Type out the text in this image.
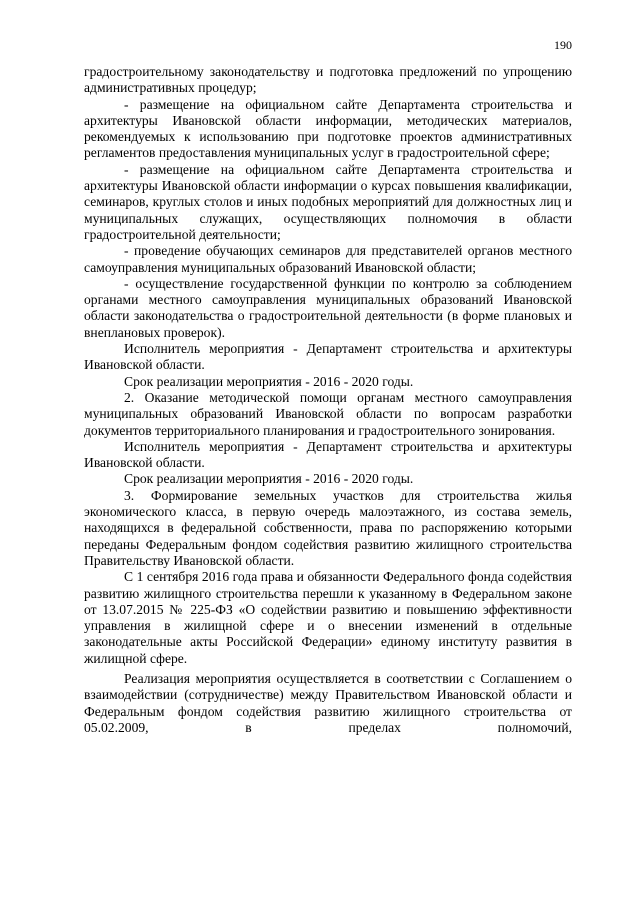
190

градостроительному законодательству и подготовка предложений по упрощению административных процедур;

- размещение на официальном сайте Департамента строительства и архитектуры Ивановской области информации, методических материалов, рекомендуемых к использованию при подготовке проектов административных регламентов предоставления муниципальных услуг в градостроительной сфере;

- размещение на официальном сайте Департамента строительства и архитектуры Ивановской области информации о курсах повышения квалификации, семинаров, круглых столов и иных подобных мероприятий для должностных лиц и муниципальных служащих, осуществляющих полномочия в области градостроительной деятельности;

- проведение обучающих семинаров для представителей органов местного самоуправления муниципальных образований Ивановской области;

- осуществление государственной функции по контролю за соблюдением органами местного самоуправления муниципальных образований Ивановской области законодательства о градостроительной деятельности (в форме плановых и внеплановых проверок).

Исполнитель мероприятия - Департамент строительства и архитектуры Ивановской области.

Срок реализации мероприятия - 2016 - 2020 годы.

2. Оказание методической помощи органам местного самоуправления муниципальных образований Ивановской области по вопросам разработки документов территориального планирования и градостроительного зонирования.

Исполнитель мероприятия - Департамент строительства и архитектуры Ивановской области.

Срок реализации мероприятия - 2016 - 2020 годы.

3. Формирование земельных участков для строительства жилья экономического класса, в первую очередь малоэтажного, из состава земель, находящихся в федеральной собственности, права по распоряжению которыми переданы Федеральным фондом содействия развитию жилищного строительства Правительству Ивановской области.

С 1 сентября 2016 года права и обязанности Федерального фонда содействия развитию жилищного строительства перешли к указанному в Федеральном законе от 13.07.2015 № 225-ФЗ «О содействии развитию и повышению эффективности управления в жилищной сфере и о внесении изменений в отдельные законодательные акты Российской Федерации» единому институту развития в жилищной сфере.

Реализация мероприятия осуществляется в соответствии с Соглашением о взаимодействии (сотрудничестве) между Правительством Ивановской области и Федеральным фондом содействия развитию жилищного строительства от 05.02.2009, в пределах полномочий,
